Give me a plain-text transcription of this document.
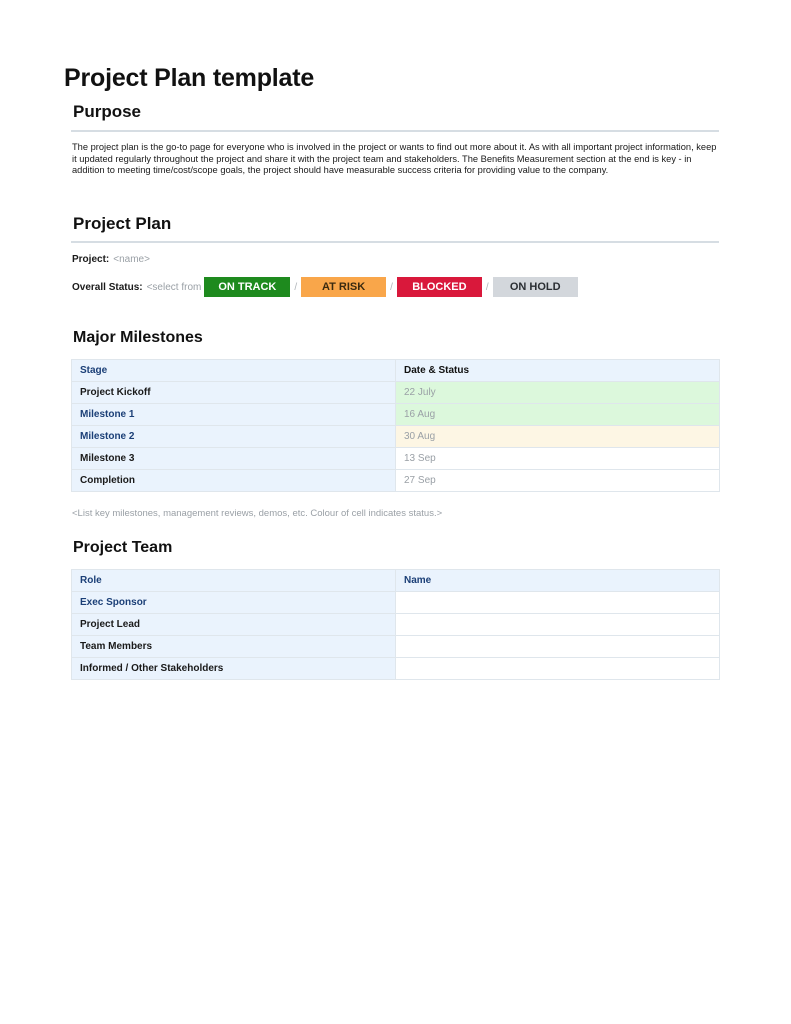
Project Plan template
Purpose

The project plan is the go-to page for everyone who is involved in the project or wants to find out more about it. As with all important project information, keep it updated regularly throughout the project and share it with the project team and stakeholders. The Benefits Measurement section at the end is key - in addition to meeting time/cost/scope goals, the project should have measurable success criteria for providing value to the company.

Project Plan
Project: <name>
Overall Status: <select from	ON TRACK	/	AT RISK	/	BLOCKED	/	ON HOLD
Major Milestones
Stage	Date & Status
Project Kickoff	22 July
Milestone 1	16 Aug
Milestone 2	30 Aug
Milestone 3	13 Sep
Completion	27 Sep

<List key milestones, management reviews, demos, etc. Colour of cell indicates status.>

Project Team
Role	Name
Exec Sponsor	
Project Lead	
Team Members	
Informed / Other Stakeholders	
